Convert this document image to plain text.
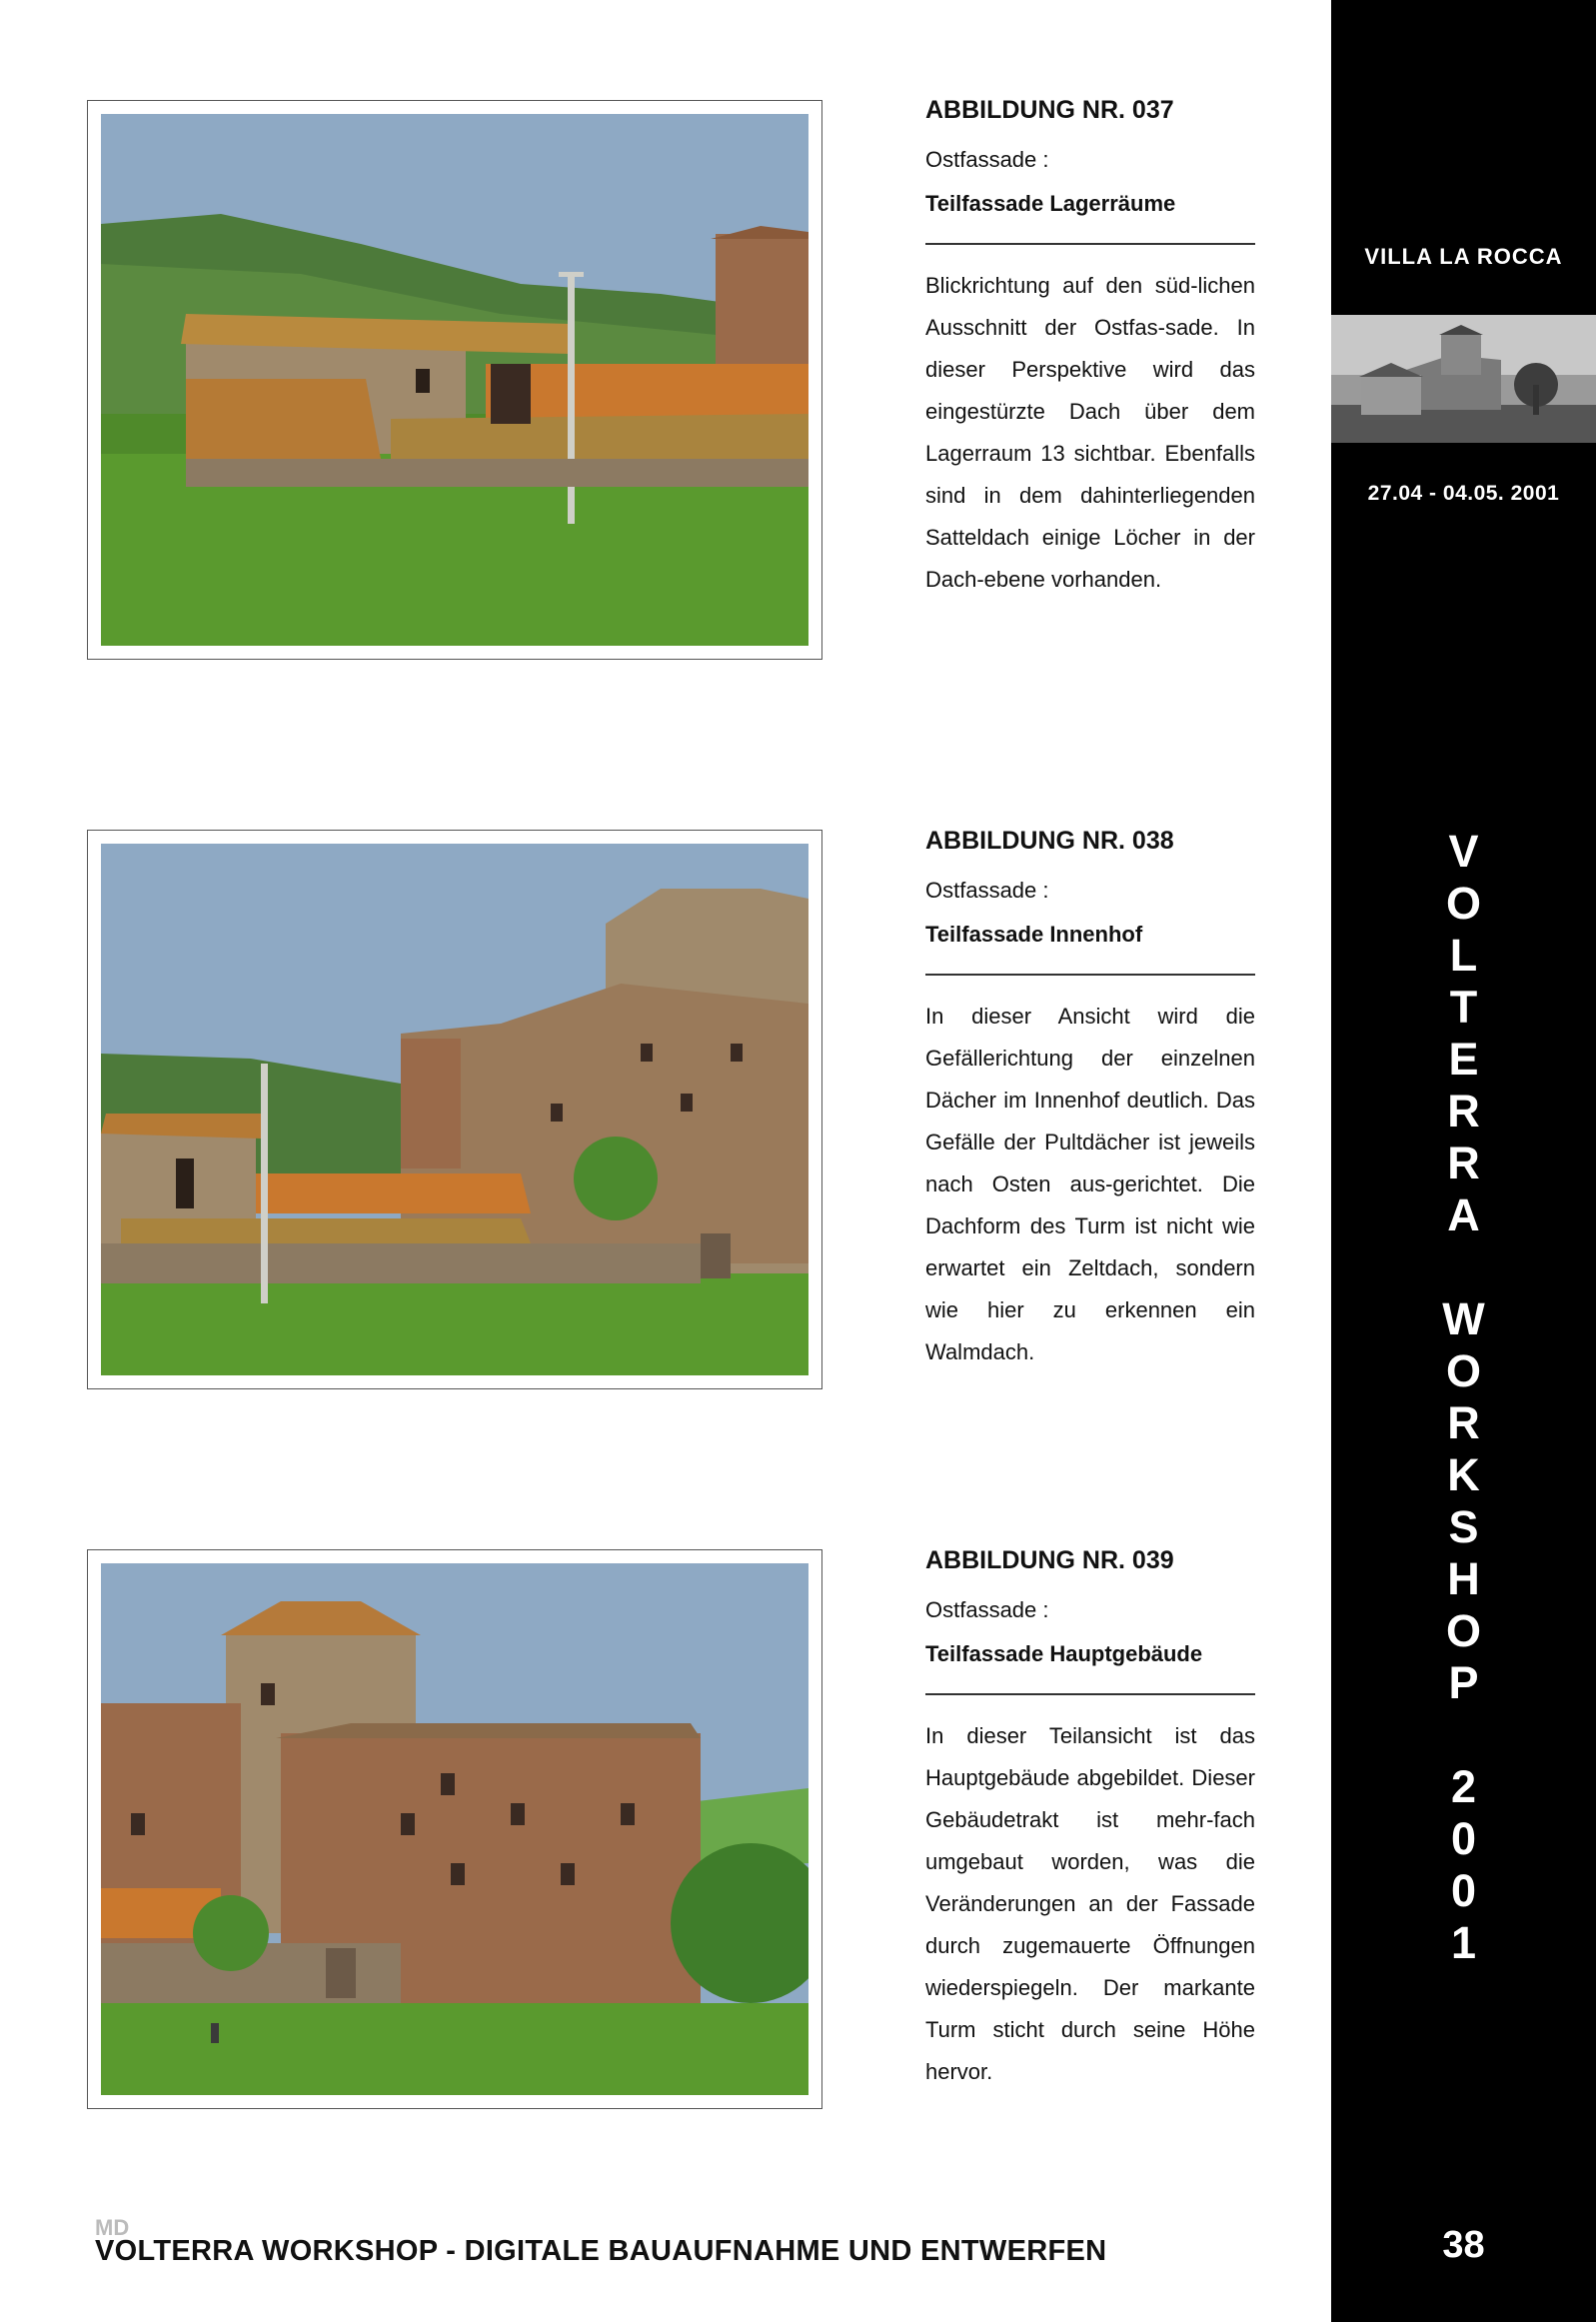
VILLA LA ROCCA
27.04 - 04.05. 2001
V
O
L
T
E
R
R
A
W
O
R
K
S
H
O
P
2
0
0
1
38
ABBILDUNG NR. 037
Ostfassade :
Teilfassade Lagerräume
Blickrichtung auf den süd-lichen Ausschnitt der Ostfas-sade. In dieser Perspektive wird das eingestürzte Dach über dem Lagerraum 13 sichtbar. Ebenfalls sind in dem dahinterliegenden Satteldach einige Löcher in der Dach-ebene vorhanden.
ABBILDUNG NR. 038
Ostfassade :
Teilfassade Innenhof
In dieser Ansicht wird die Gefällerichtung der einzelnen Dächer im Innenhof deutlich. Das Gefälle der Pultdächer ist jeweils nach Osten aus-gerichtet. Die Dachform des Turm ist nicht wie erwartet ein Zeltdach, sondern wie hier zu erkennen ein Walmdach.
ABBILDUNG NR. 039
Ostfassade :
Teilfassade Hauptgebäude
In dieser Teilansicht ist das Hauptgebäude abgebildet. Dieser Gebäudetrakt ist mehr-fach umgebaut worden, was die Veränderungen an der Fassade durch zugemauerte Öffnungen wiederspiegeln. Der markante Turm sticht durch seine Höhe hervor.
MD
VOLTERRA WORKSHOP - DIGITALE BAUAUFNAHME UND ENTWERFEN
